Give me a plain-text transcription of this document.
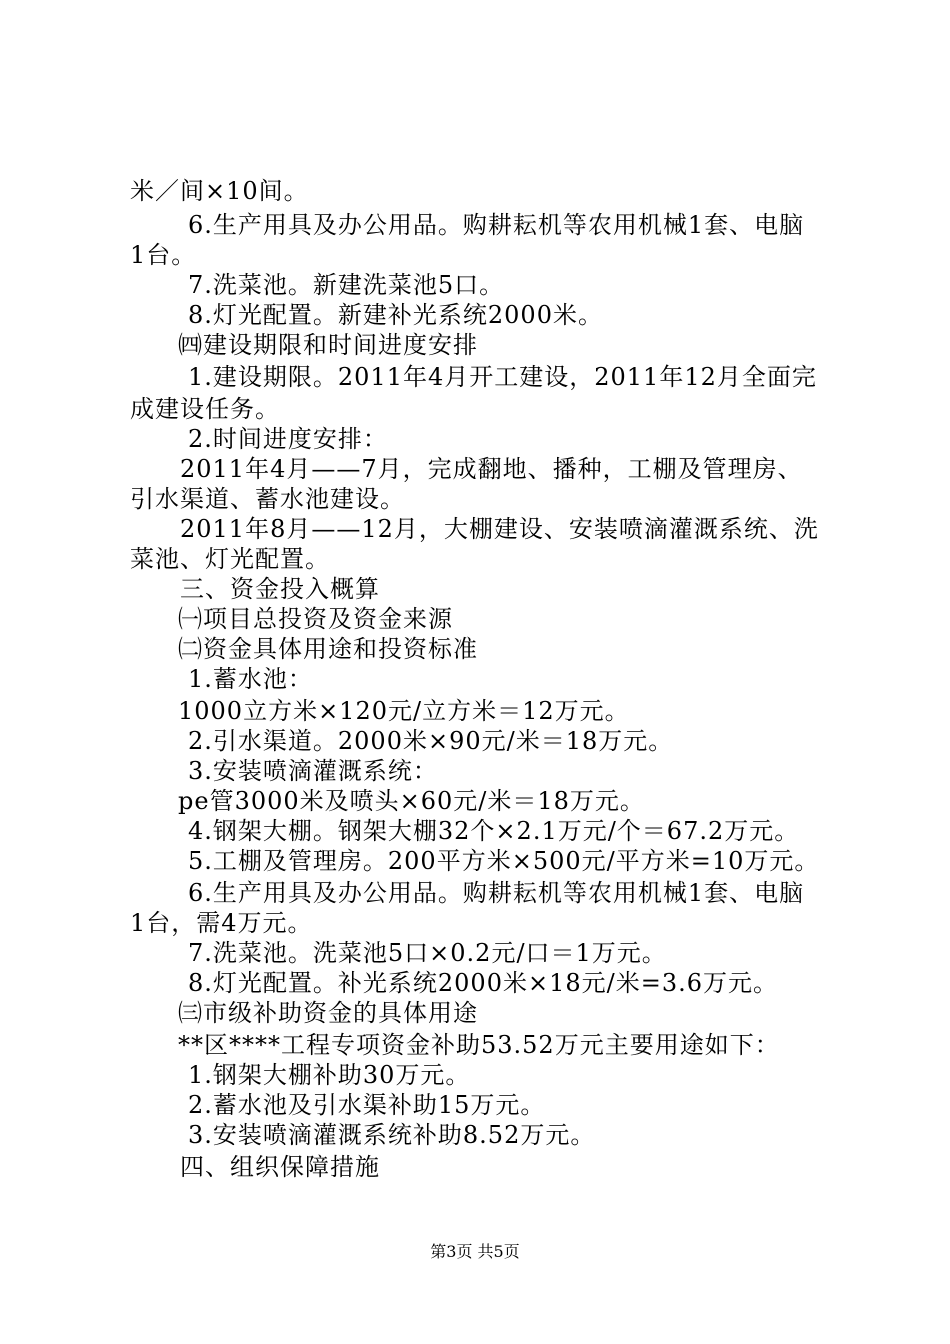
米／间×10间。
6.生产用具及办公用品。购耕耘机等农用机械1套、电脑
1台。
7.洗菜池。新建洗菜池5口。
8.灯光配置。新建补光系统2000米。
㈣建设期限和时间进度安排
1.建设期限。2011年4月开工建设，2011年12月全面完
成建设任务。
2.时间进度安排：
2011年4月——7月，完成翻地、播种，工棚及管理房、
引水渠道、蓄水池建设。
2011年8月——12月，大棚建设、安装喷滴灌溉系统、洗
菜池、灯光配置。
三、资金投入概算
㈠项目总投资及资金来源
㈡资金具体用途和投资标准
1.蓄水池：
1000立方米×120元/立方米＝12万元。
2.引水渠道。2000米×90元/米＝18万元。
3.安装喷滴灌溉系统：
pe管3000米及喷头×60元/米＝18万元。
4.钢架大棚。钢架大棚32个×2.1万元/个＝67.2万元。
5.工棚及管理房。200平方米×500元/平方米=10万元。
6.生产用具及办公用品。购耕耘机等农用机械1套、电脑
1台，需4万元。
7.洗菜池。洗菜池5口×0.2元/口＝1万元。
8.灯光配置。补光系统2000米×18元/米=3.6万元。
㈢市级补助资金的具体用途
**区****工程专项资金补助53.52万元主要用途如下：
1.钢架大棚补助30万元。
2.蓄水池及引水渠补助15万元。
3.安装喷滴灌溉系统补助8.52万元。
四、组织保障措施
第3页 共5页
